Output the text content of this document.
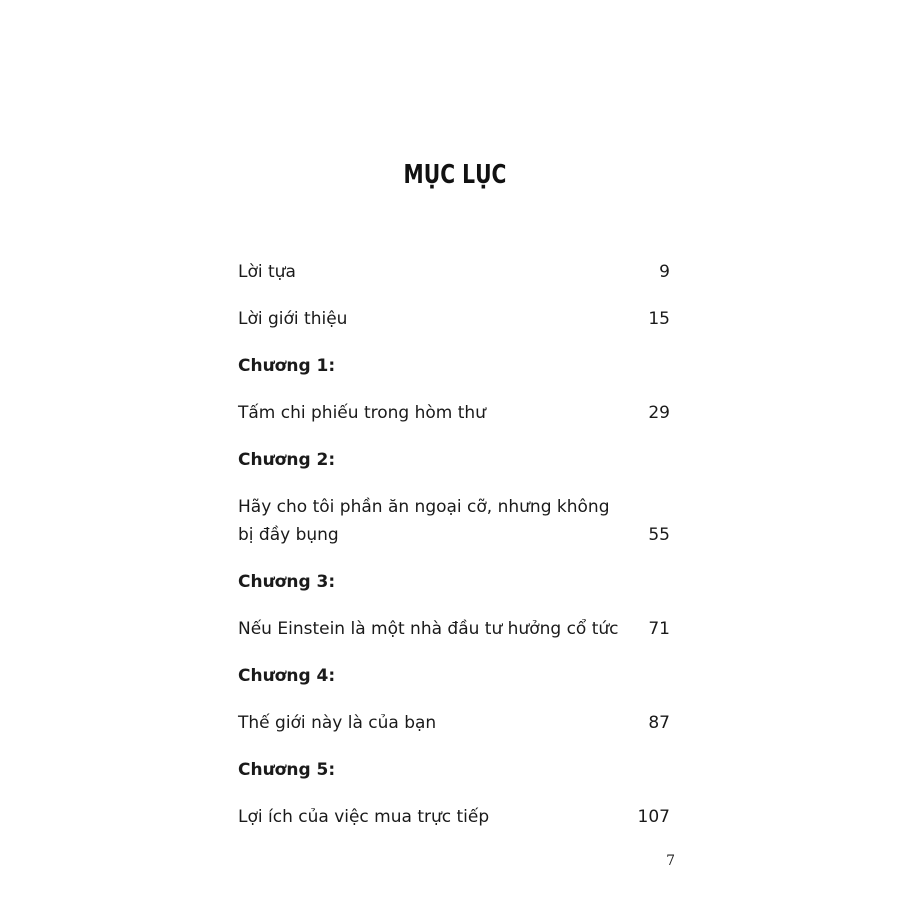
MỤC LỤC
Lời tựa	9
Lời giới thiệu	15
Chương 1:
Tấm chi phiếu trong hòm thư	29
Chương 2:
Hãy cho tôi phần ăn ngoại cỡ, nhưng không bị đầy bụng	55
Chương 3:
Nếu Einstein là một nhà đầu tư hưởng cổ tức	71
Chương 4:
Thế giới này là của bạn	87
Chương 5:
Lợi ích của việc mua trực tiếp	107
7
